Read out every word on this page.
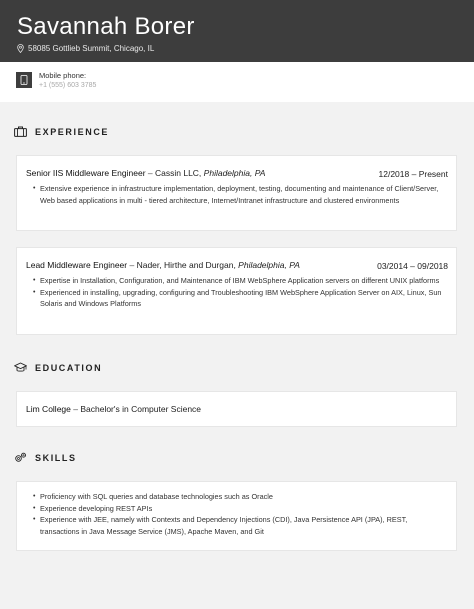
Savannah Borer
58085 Gottlieb Summit, Chicago, IL
Mobile phone:
+1 (555) 603 3785
EXPERIENCE
Senior IIS Middleware Engineer – Cassin LLC, Philadelphia, PA	12/2018 – Present
• Extensive experience in infrastructure implementation, deployment, testing, documenting and maintenance of Client/Server, Web based applications in multi - tiered architecture, Internet/Intranet infrastructure and clustered environments
Lead Middleware Engineer – Nader, Hirthe and Durgan, Philadelphia, PA	03/2014 – 09/2018
• Expertise in Installation, Configuration, and Maintenance of IBM WebSphere Application servers on different UNIX platforms
• Experienced in installing, upgrading, configuring and Troubleshooting IBM WebSphere Application Server on AIX, Linux, Sun Solaris and Windows Platforms
EDUCATION
Lim College – Bachelor's in Computer Science
SKILLS
• Proficiency with SQL queries and database technologies such as Oracle
• Experience developing REST APIs
• Experience with JEE, namely with Contexts and Dependency Injections (CDI), Java Persistence API (JPA), REST, transactions in Java Message Service (JMS), Apache Maven, and Git
